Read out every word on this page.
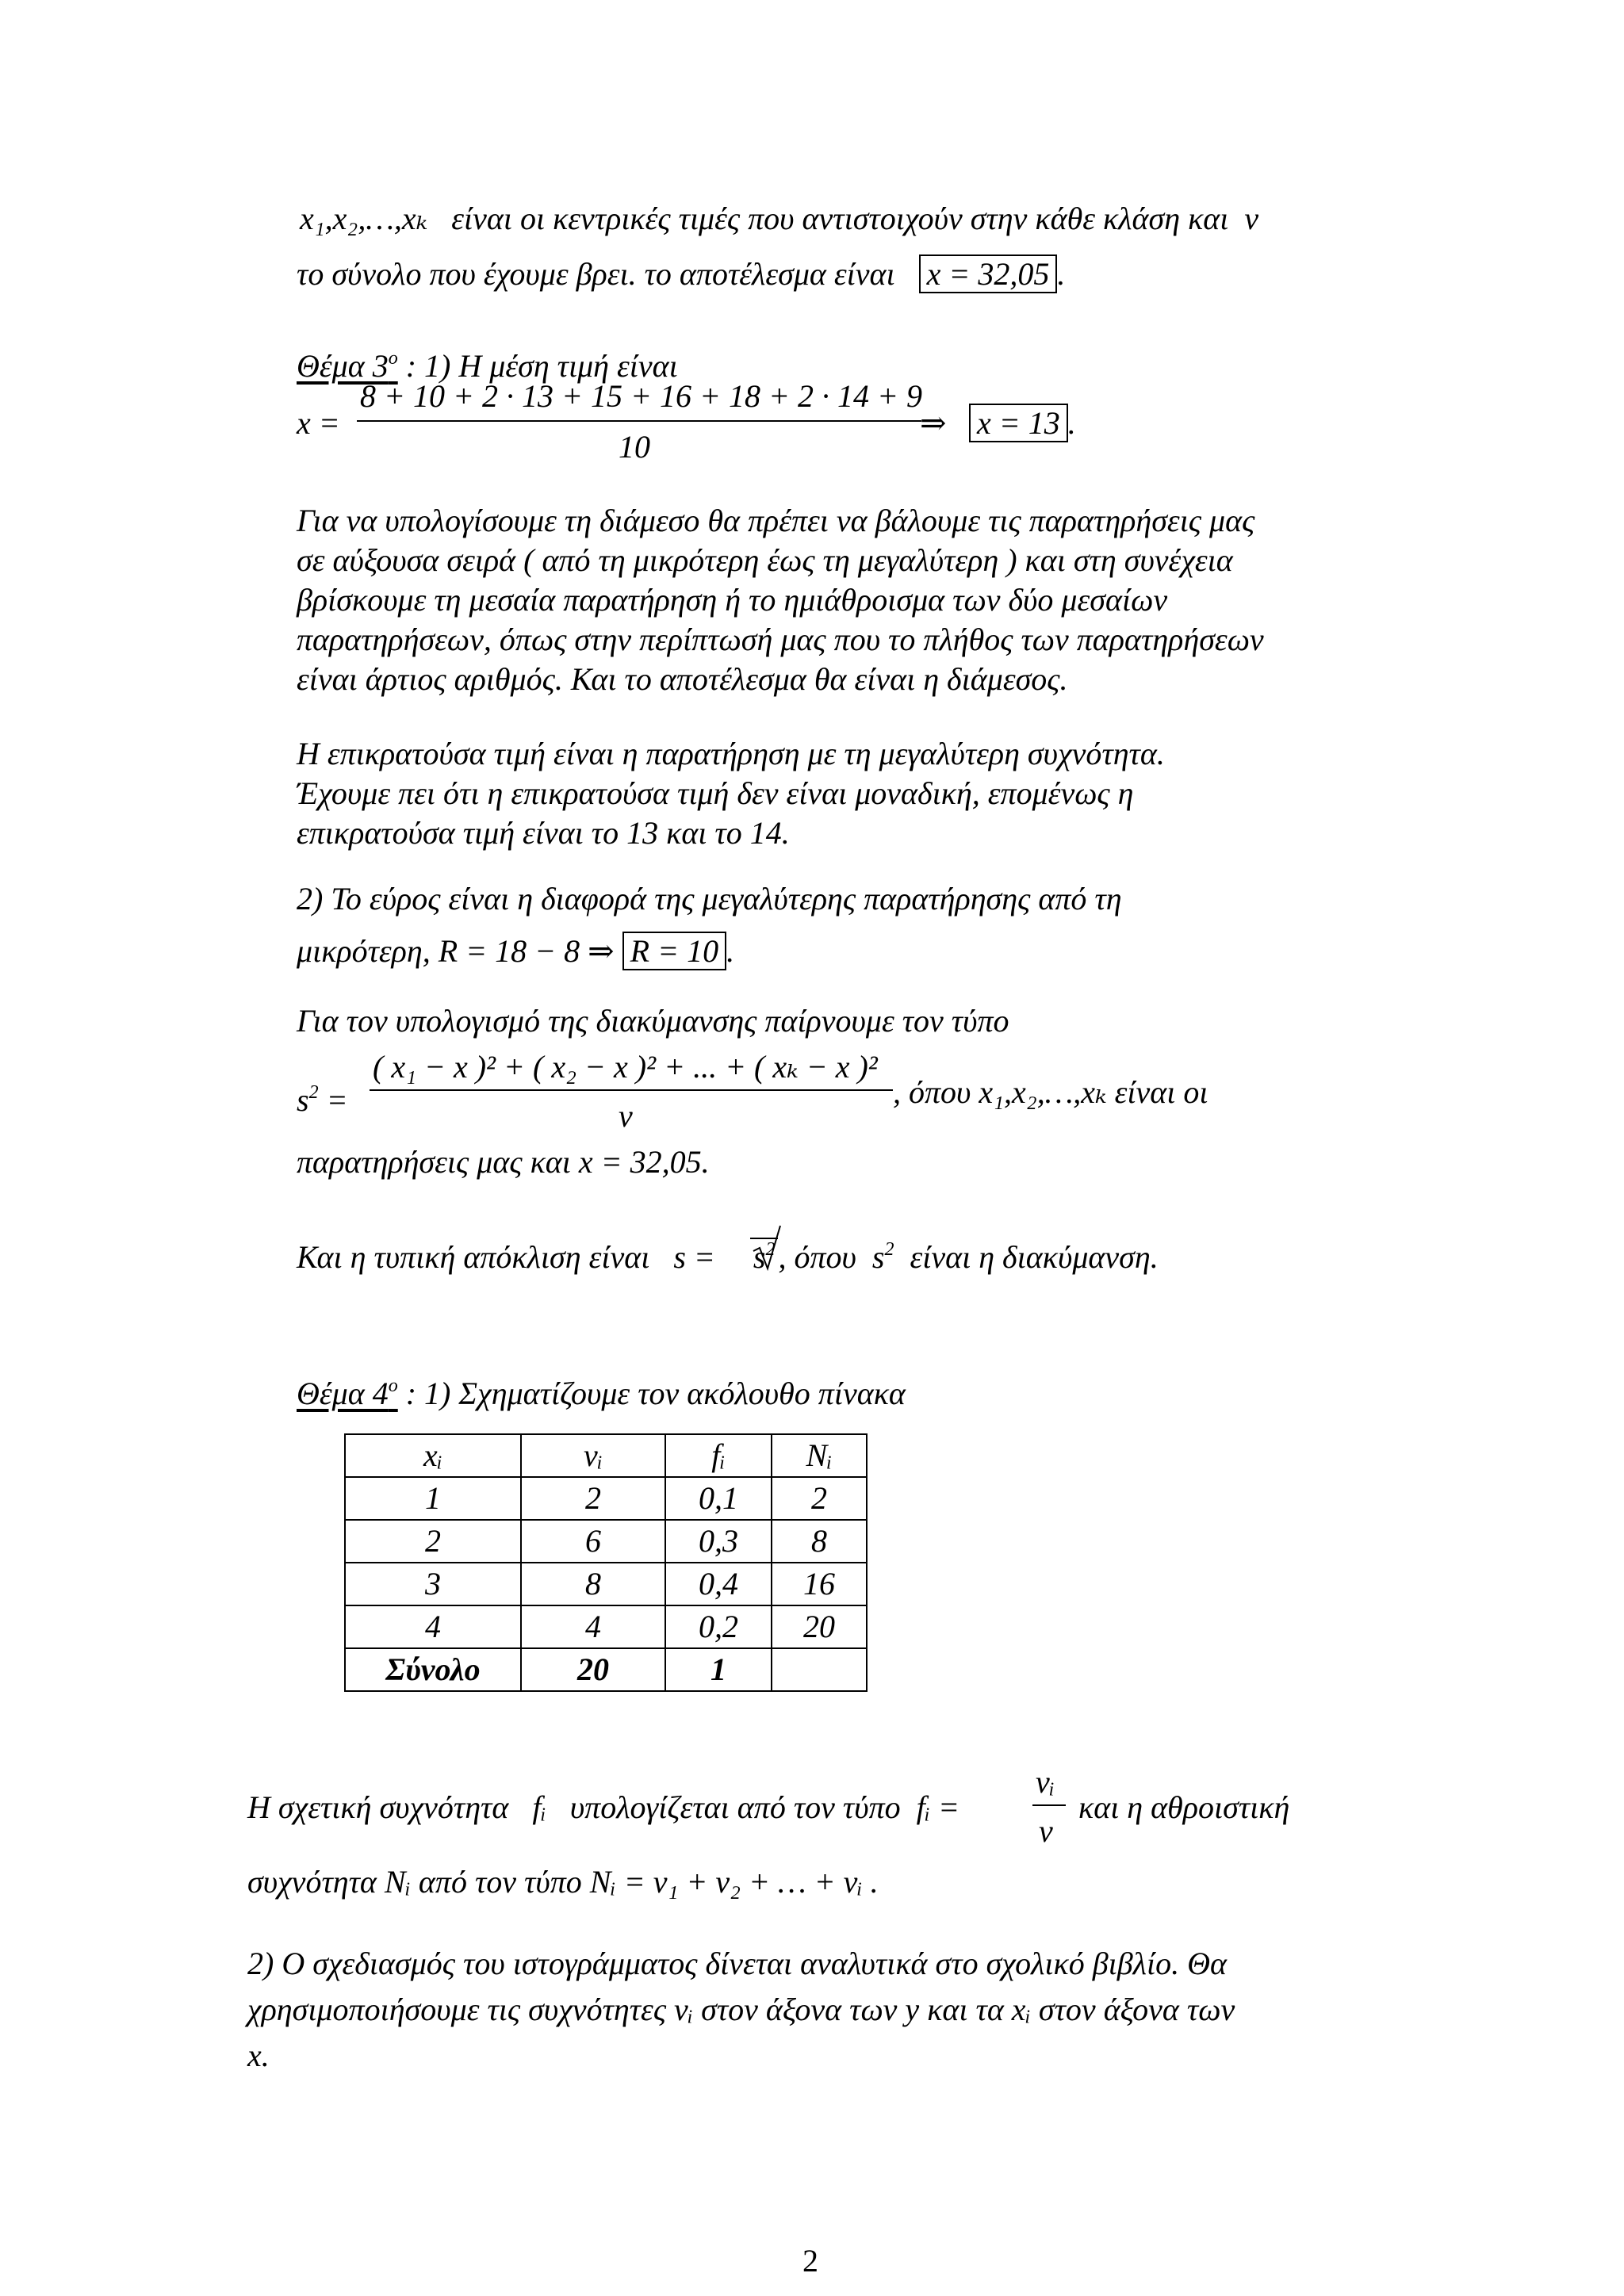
x₁,x₂,…,xₖ είναι οι κεντρικές τιμές που αντιστοιχούν στην κάθε κλάση και ν
το σύνολο που έχουμε βρει. το αποτέλεσμα είναι x = 32,05 .
Θέμα $3^o$ : 1) Η μέση τιμή είναι
x =
8 + 10 + 2 · 13 + 15 + 16 + 18 + 2 · 14 + 9
10
⇒ x = 13 .
Για να υπολογίσουμε τη διάμεσο θα πρέπει να βάλουμε τις παρατηρήσεις μας
σε αύξουσα σειρά ( από τη μικρότερη έως τη μεγαλύτερη ) και στη συνέχεια
βρίσκουμε τη μεσαία παρατήρηση ή το ημιάθροισμα των δύο μεσαίων
παρατηρήσεων, όπως στην περίπτωσή μας που το πλήθος των παρατηρήσεων
είναι άρτιος αριθμός. Και το αποτέλεσμα θα είναι η διάμεσος.
Η επικρατούσα τιμή είναι η παρατήρηση με τη μεγαλύτερη συχνότητα.
Έχουμε πει ότι η επικρατούσα τιμή δεν είναι μοναδική, επομένως η
επικρατούσα τιμή είναι το 13 και το 14.
2) Το εύρος είναι η διαφορά της μεγαλύτερης παρατήρησης από τη
μικρότερη, R = 18 − 8 ⇒ R = 10 .
Για τον υπολογισμό της διακύμανσης παίρνουμε τον τύπο
$s^2$ =
( x₁ − x )² + ( x₂ − x )² + ... + ( xₖ − x )²
ν
, όπου x₁,x₂,…,xₖ είναι οι
παρατηρήσεις μας και x = 32,05.
Και η τυπική απόκλιση είναι $s = s^2$ , όπου $s^2$ είναι η διακύμανση.
Θέμα $4^o$ : 1) Σχηματίζουμε τον ακόλουθο πίνακα
xᵢ	νᵢ	fᵢ	Nᵢ
1	2	0,1	2
2	6	0,3	8
3	8	0,4	16
4	4	0,2	20
Σύνολο	20	1	
Η σχετική συχνότητα fᵢ υπολογίζεται από τον τύπο fᵢ =
νᵢ
ν
και η αθροιστική
συχνότητα Nᵢ από τον τύπο Nᵢ = ν₁ + ν₂ + … + νᵢ .
2) Ο σχεδιασμός του ιστογράμματος δίνεται αναλυτικά στο σχολικό βιβλίο. Θα
χρησιμοποιήσουμε τις συχνότητες νᵢ στον άξονα των y και τα xᵢ στον άξονα των
x.
2
